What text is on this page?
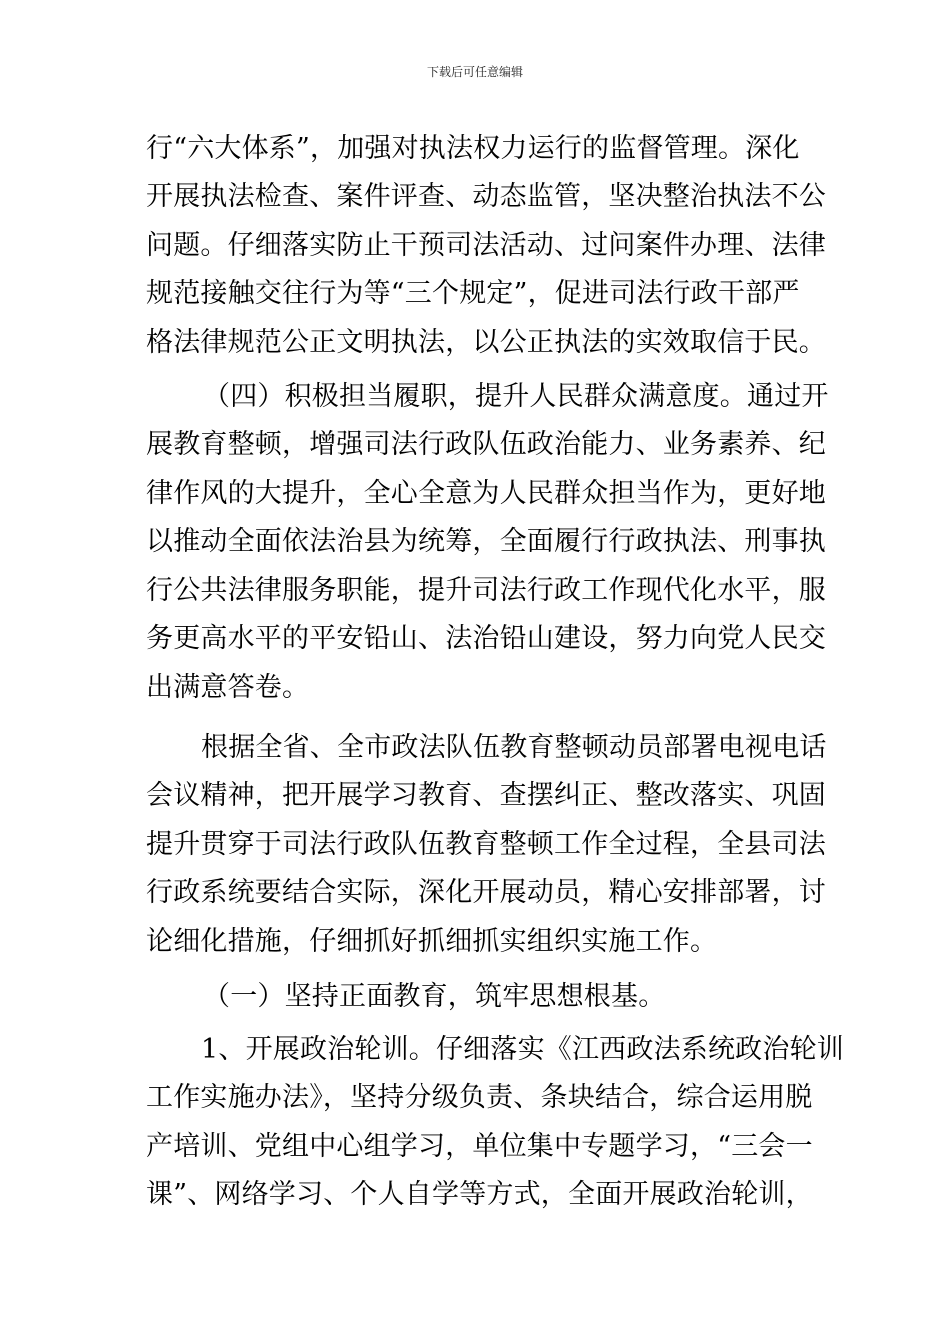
下载后可任意编辑
行“六大体系”，加强对执法权力运行的监督管理。深化
开展执法检查、案件评查、动态监管，坚决整治执法不公
问题。仔细落实防止干预司法活动、过问案件办理、法律
规范接触交往行为等“三个规定”，促进司法行政干部严
格法律规范公正文明执法，以公正执法的实效取信于民。
（四）积极担当履职，提升人民群众满意度。通过开
展教育整顿，增强司法行政队伍政治能力、业务素养、纪
律作风的大提升，全心全意为人民群众担当作为，更好地
以推动全面依法治县为统筹，全面履行行政执法、刑事执
行公共法律服务职能，提升司法行政工作现代化水平，服
务更高水平的平安铅山、法治铅山建设，努力向党人民交
出满意答卷。
根据全省、全市政法队伍教育整顿动员部署电视电话
会议精神，把开展学习教育、查摆纠正、整改落实、巩固
提升贯穿于司法行政队伍教育整顿工作全过程，全县司法
行政系统要结合实际，深化开展动员，精心安排部署，讨
论细化措施，仔细抓好抓细抓实组织实施工作。
（一）坚持正面教育，筑牢思想根基。
1、开展政治轮训。仔细落实《江西政法系统政治轮训
工作实施办法》，坚持分级负责、条块结合，综合运用脱
产培训、党组中心组学习，单位集中专题学习，“三会一
课”、网络学习、个人自学等方式，全面开展政治轮训，
